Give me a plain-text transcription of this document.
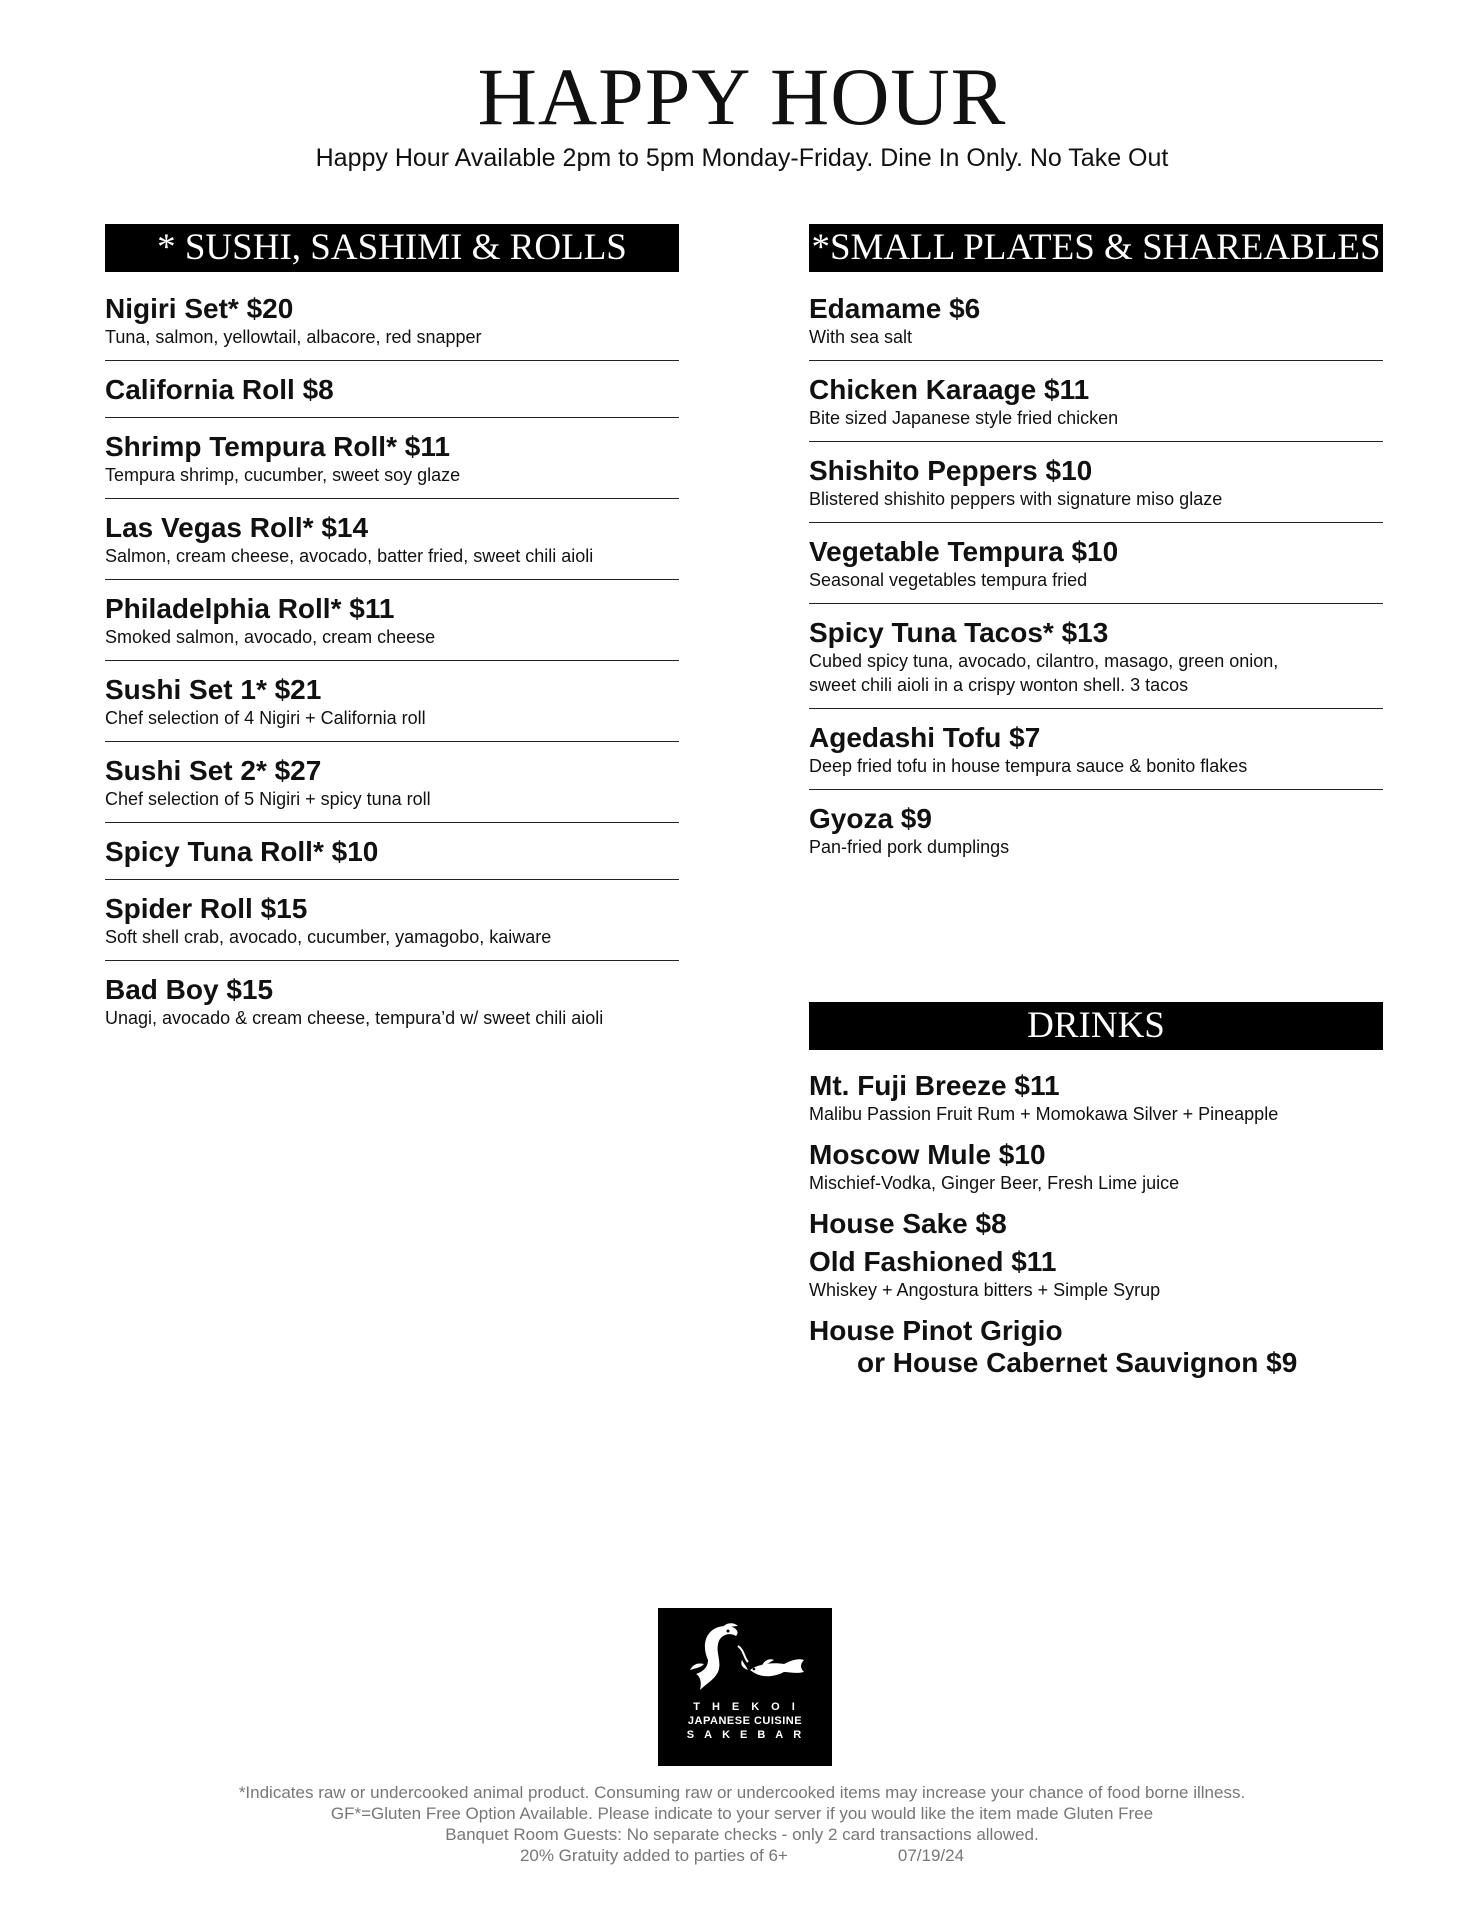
HAPPY HOUR
Happy Hour Available 2pm to 5pm Monday-Friday. Dine In Only. No Take Out
* SUSHI, SASHIMI & ROLLS
Nigiri Set* $20
Tuna, salmon, yellowtail, albacore, red snapper
California Roll $8
Shrimp Tempura Roll* $11
Tempura shrimp, cucumber, sweet soy glaze
Las Vegas Roll* $14
Salmon, cream cheese, avocado, batter fried, sweet chili aioli
Philadelphia Roll* $11
Smoked salmon, avocado, cream cheese
Sushi Set 1* $21
Chef selection of 4 Nigiri + California roll
Sushi Set 2* $27
Chef selection of 5 Nigiri + spicy tuna roll
Spicy Tuna Roll* $10
Spider Roll $15
Soft shell crab, avocado, cucumber, yamagobo, kaiware
Bad Boy $15
Unagi, avocado & cream cheese, tempura’d w/ sweet chili aioli
*SMALL PLATES & SHAREABLES
Edamame $6
With sea salt
Chicken Karaage $11
Bite sized Japanese style fried chicken
Shishito Peppers $10
Blistered shishito peppers with signature miso glaze
Vegetable Tempura $10
Seasonal vegetables tempura fried
Spicy Tuna Tacos* $13
Cubed spicy tuna, avocado, cilantro, masago, green onion, sweet chili aioli in a crispy wonton shell. 3 tacos
Agedashi Tofu $7
Deep fried tofu in house tempura sauce & bonito flakes
Gyoza $9
Pan-fried pork dumplings
DRINKS
Mt. Fuji Breeze $11
Malibu Passion Fruit Rum + Momokawa Silver + Pineapple
Moscow Mule $10
Mischief-Vodka, Ginger Beer, Fresh Lime juice
House Sake $8
Old Fashioned $11
Whiskey + Angostura bitters + Simple Syrup
House Pinot Grigio
or House Cabernet Sauvignon $9
THEKOI
JAPANESE CUISINE
SAKEBAR
*Indicates raw or undercooked animal product. Consuming raw or undercooked items may increase your chance of food borne illness.
GF*=Gluten Free Option Available. Please indicate to your server if you would like the item made Gluten Free
Banquet Room Guests: No separate checks - only 2 card transactions allowed.
20% Gratuity added to parties of 6+	07/19/24
